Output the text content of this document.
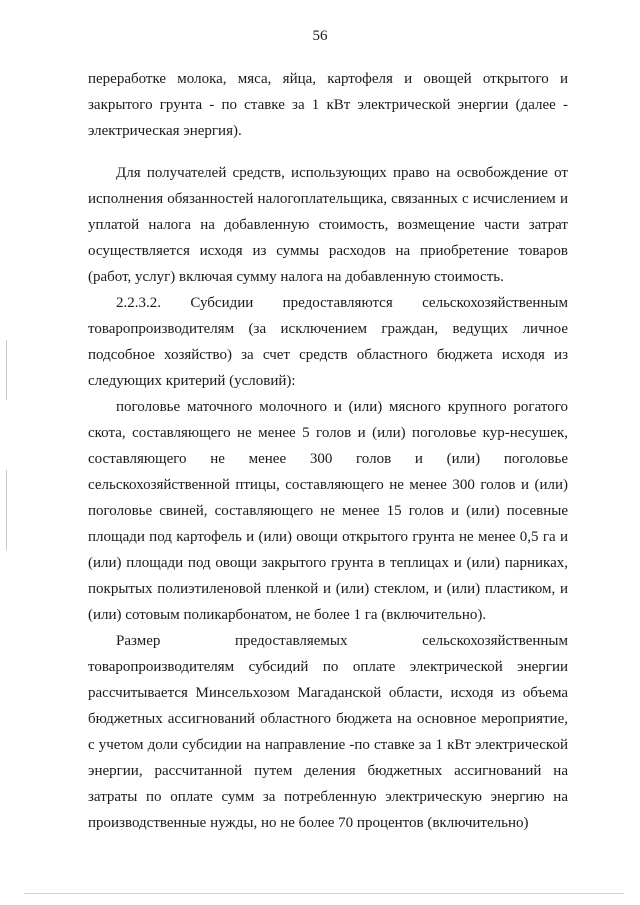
56

переработке молока, мяса, яйца, картофеля и овощей открытого и закрытого грунта - по ставке за 1 кВт электрической энергии (далее - электрическая энергия).

Для получателей средств, использующих право на освобождение от исполнения обязанностей налогоплательщика, связанных с исчислением и уплатой налога на добавленную стоимость, возмещение части затрат осуществляется исходя из суммы расходов на приобретение товаров (работ, услуг) включая сумму налога на добавленную стоимость.

2.2.3.2. Субсидии предоставляются сельскохозяйственным товаропроизводителям (за исключением граждан, ведущих личное подсобное хозяйство) за счет средств областного бюджета исходя из следующих критерий (условий):

поголовье маточного молочного и (или) мясного крупного рогатого скота, составляющего не менее 5 голов и (или) поголовье кур-несушек, составляющего не менее 300 голов и (или) поголовье сельскохозяйственной птицы, составляющего не менее 300 голов и (или) поголовье свиней, составляющего не менее 15 голов и (или) посевные площади под картофель и (или) овощи открытого грунта не менее 0,5 га и (или) площади под овощи закрытого грунта в теплицах и (или) парниках, покрытых полиэтиленовой пленкой и (или) стеклом, и (или) пластиком, и (или) сотовым поликарбонатом, не более 1 га (включительно).

Размер предоставляемых сельскохозяйственным товаропроизводителям субсидий по оплате электрической энергии рассчитывается Минсельхозом Магаданской области, исходя из объема бюджетных ассигнований областного бюджета на основное мероприятие, с учетом доли субсидии на направление -по ставке за 1 кВт электрической энергии, рассчитанной путем деления бюджетных ассигнований на затраты по оплате сумм за потребленную электрическую энергию на производственные нужды, но не более 70 процентов (включительно)
